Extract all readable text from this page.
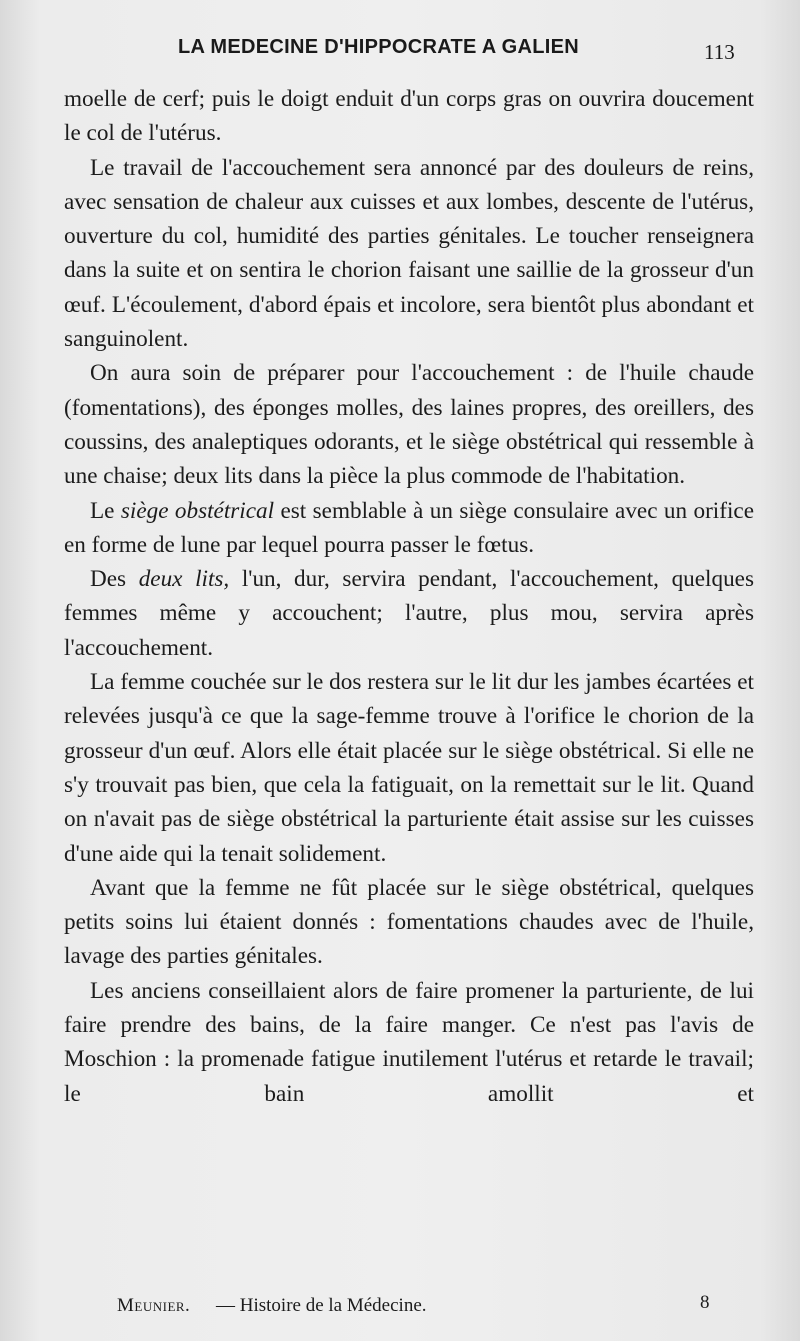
LA MEDECINE D'HIPPOCRATE A GALIEN	113

moelle de cerf; puis le doigt enduit d'un corps gras on ouvrira doucement le col de l'utérus.

Le travail de l'accouchement sera annoncé par des douleurs de reins, avec sensation de chaleur aux cuisses et aux lombes, descente de l'utérus, ouverture du col, humidité des parties génitales. Le toucher renseignera dans la suite et on sentira le chorion faisant une saillie de la grosseur d'un œuf. L'écoulement, d'abord épais et incolore, sera bientôt plus abondant et sanguinolent.

On aura soin de préparer pour l'accouchement : de l'huile chaude (fomentations), des éponges molles, des laines propres, des oreillers, des coussins, des analeptiques odorants, et le siège obstétrical qui ressemble à une chaise; deux lits dans la pièce la plus commode de l'habitation.

Le siège obstétrical est semblable à un siège consulaire avec un orifice en forme de lune par lequel pourra passer le fœtus.

Des deux lits, l'un, dur, servira pendant, l'accouchement, quelques femmes même y accouchent; l'autre, plus mou, servira après l'accouchement.

La femme couchée sur le dos restera sur le lit dur les jambes écartées et relevées jusqu'à ce que la sage-femme trouve à l'orifice le chorion de la grosseur d'un œuf. Alors elle était placée sur le siège obstétrical. Si elle ne s'y trouvait pas bien, que cela la fatiguait, on la remettait sur le lit. Quand on n'avait pas de siège obstétrical la parturiente était assise sur les cuisses d'une aide qui la tenait solidement.

Avant que la femme ne fût placée sur le siège obstétrical, quelques petits soins lui étaient donnés : fomentations chaudes avec de l'huile, lavage des parties génitales.

Les anciens conseillaient alors de faire promener la parturiente, de lui faire prendre des bains, de la faire manger. Ce n'est pas l'avis de Moschion : la promenade fatigue inutilement l'utérus et retarde le travail; le bain amollit et

Meunier. — Histoire de la Médecine.	8
